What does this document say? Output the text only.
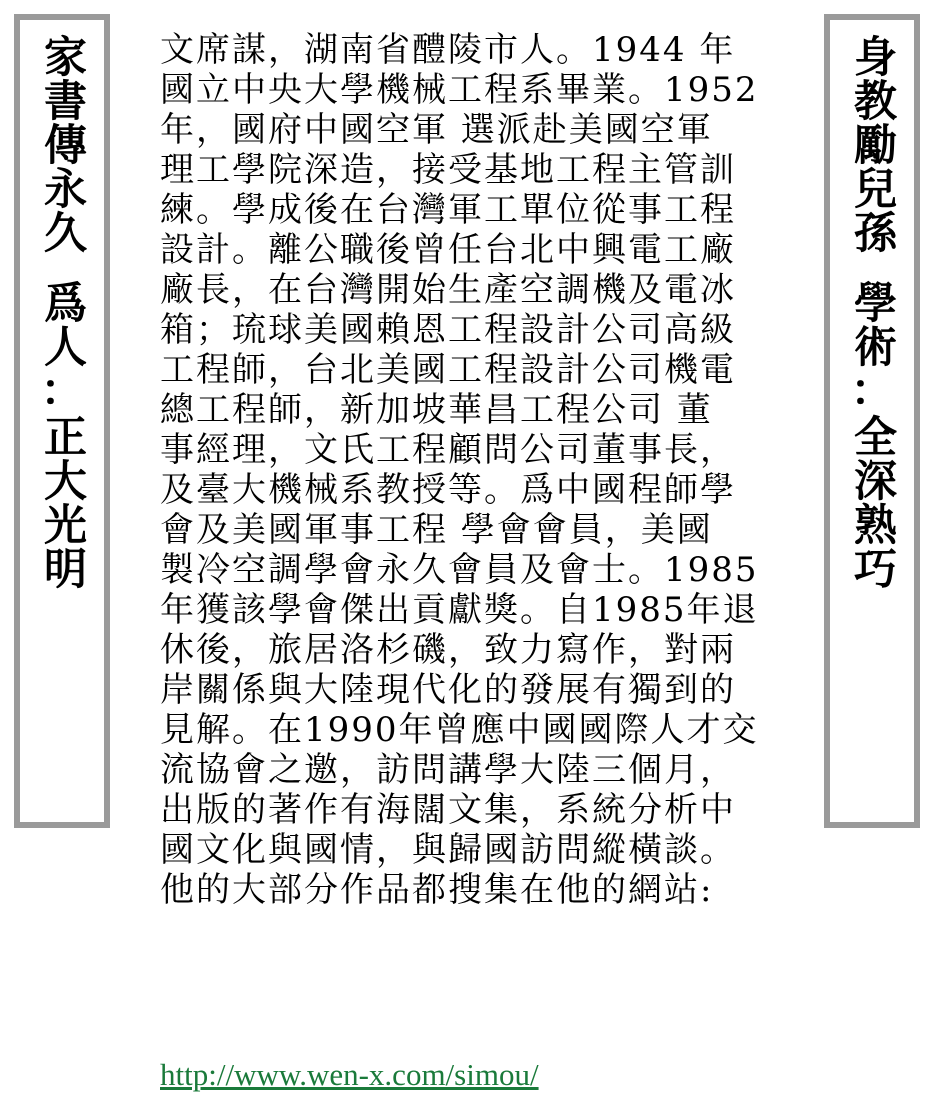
家書傳永久
爲人
：
正大光明
身教勵兒孫
學術
：
全深熟巧
文席謀，湖南省醴陵市人。1944 年
國立中央大學機械工程系畢業。1952
年，國府中國空軍 選派赴美國空軍
理工學院深造，接受基地工程主管訓
練。學成後在台灣軍工單位從事工程
設計。離公職後曾任台北中興電工廠
廠長，在台灣開始生產空調機及電冰
箱；琉球美國賴恩工程設計公司高級
工程師，台北美國工程設計公司機電
總工程師，新加坡華昌工程公司 董
事經理，文氏工程顧問公司董事長，
及臺大機械系教授等。爲中國程師學
會及美國軍事工程 學會會員，美國
製冷空調學會永久會員及會士。1985
年獲該學會傑出貢獻獎。自1985年退
休後，旅居洛杉磯，致力寫作，對兩
岸關係與大陸現代化的發展有獨到的
見解。在1990年曾應中國國際人才交
流協會之邀，訪問講學大陸三個月，
出版的著作有海闊文集，系統分析中
國文化與國情，與歸國訪問縱橫談。
他的大部分作品都搜集在他的網站:
http://www.wen-x.com/simou/
